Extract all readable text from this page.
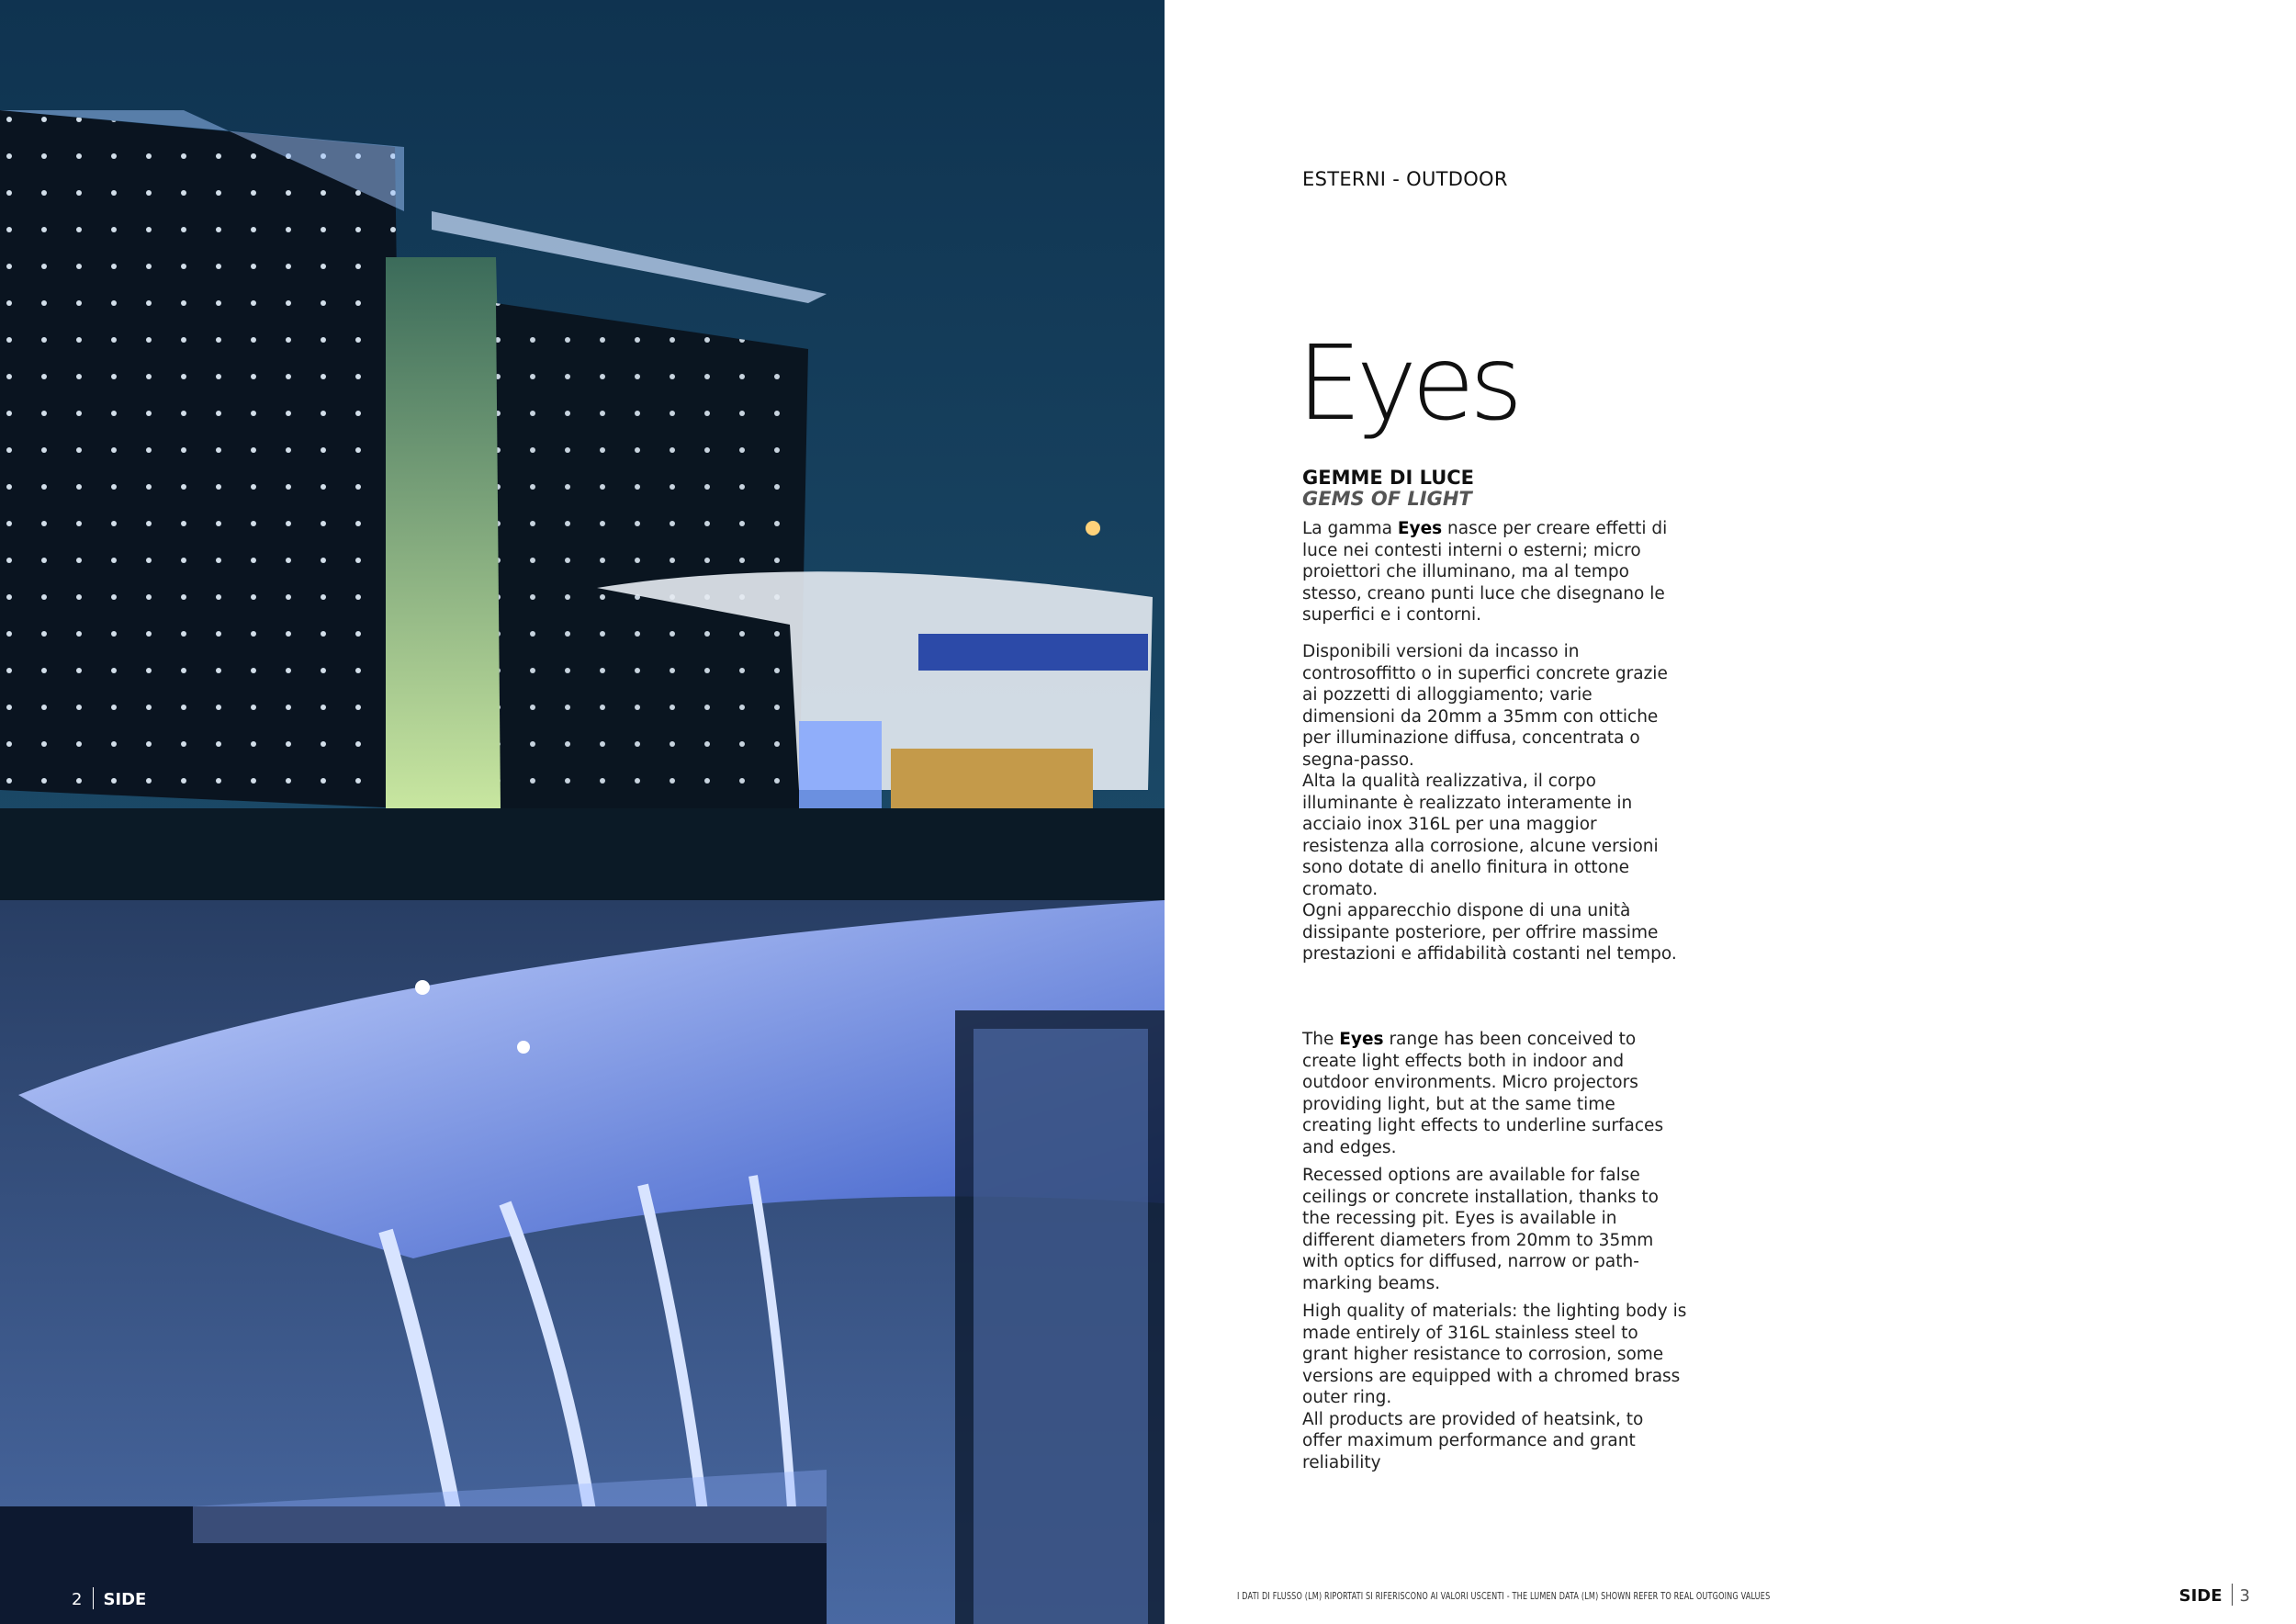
2 SIDE
ESTERNI - OUTDOOR
Eyes
GEMME DI LUCE
GEMS OF LIGHT

La gamma Eyes nasce per creare effetti di luce nei contesti interni o esterni; micro proiettori che illuminano, ma al tempo stesso, creano punti luce che disegnano le superfici e i contorni.

Disponibili versioni da incasso in controsoffitto o in superfici concrete grazie ai pozzetti di alloggiamento; varie dimensioni da 20mm a 35mm con ottiche per illuminazione diffusa, concentrata o segna-passo.

Alta la qualità realizzativa, il corpo illuminante è realizzato interamente in acciaio inox 316L per una maggior resistenza alla corrosione, alcune versioni sono dotate di anello finitura in ottone cromato.

Ogni apparecchio dispone di una unità dissipante posteriore, per offrire massime prestazioni e affidabilità costanti nel tempo.

The Eyes range has been conceived to create light effects both in indoor and outdoor environments. Micro projectors providing light, but at the same time creating light effects to underline surfaces and edges.

Recessed options are available for false ceilings or concrete installation, thanks to the recessing pit. Eyes is available in different diameters from 20mm to 35mm with optics for diffused, narrow or path-marking beams.

High quality of materials: the lighting body is made entirely of 316L stainless steel to grant higher resistance to corrosion, some versions are equipped with a chromed brass outer ring.

All products are provided of heatsink, to offer maximum performance and grant reliability

I DATI DI FLUSSO (LM) RIPORTATI SI RIFERISCONO AI VALORI USCENTI - THE LUMEN DATA (LM) SHOWN REFER TO REAL OUTGOING VALUES	SIDE 3
